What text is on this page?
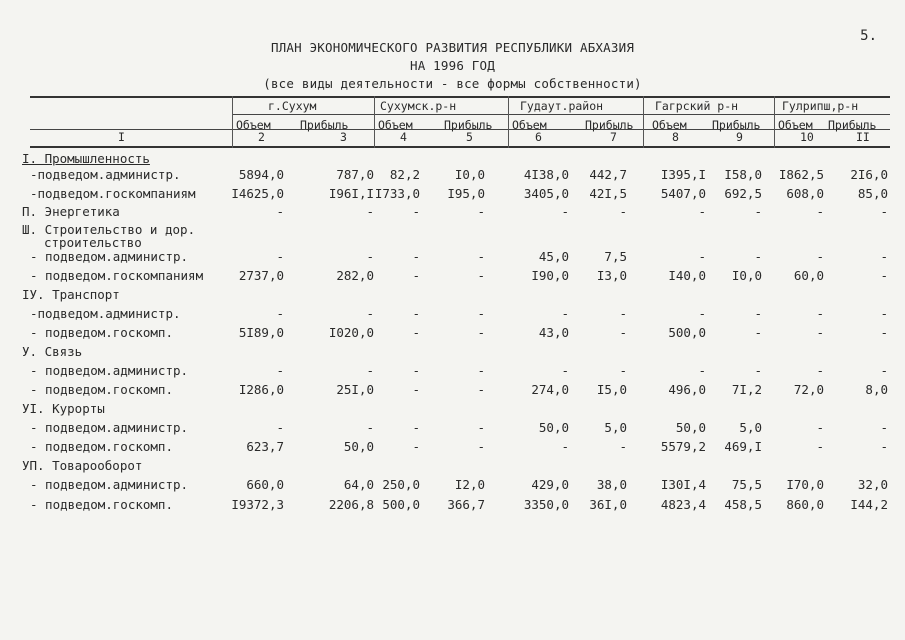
5.
ПЛАН ЭКОНОМИЧЕСКОГО РАЗВИТИЯ РЕСПУБЛИКИ АБХАЗИЯ
НА 1996 ГОД
(все виды деятельности - все формы собственности)
г.Сухум	Сухумск.р-н	Гудаут.район	Гагрский р-н	Гулрипш,р-н
Объем	Прибыль	Объем	Прибыль Объем	Прибыль Объем Прибыль Объем Прибыль
I	2	3	4	5	6	7	8	9	10	II
I. Промышленность
-подведом.администр.	5894,0	787,0 82,2	I0,0	4I38,0 442,7	I395,I I58,0 I862,5 2I6,0
-подведом.госкомпаниям	I4625,0	I96I,I I733,0 I95,0	3405,0 42I,5	5407,0 692,5 608,0	85,0
П. Энергетика	-	-	-	-	-	-	-	-	-	-
Ш. Строительство и дор.
строительство
- подведом.администр.	-	-	-	-	45,0	7,5	-	-	-	-
- подведом.госкомпаниям	2737,0	282,0	-	-	I90,0 I3,0	I40,0 I0,0	60,0	-
IУ. Транспорт
-подведом.администр.	-	-	-	-	-	-	-	-	-	-
- подведом.госкомп.	5I89,0	I020,0	-	-	43,0	-	500,0	-	-	-
У. Связь
- подведом.администр.	-	-	-	-	-	-	-	-	-	-
- подведом.госкомп.	I286,0	25I,0	-	-	274,0 I5,0	496,0 7I,2	72,0	8,0
УI. Курорты
- подведом.администр.	-	-	-	-	50,0	5,0	50,0	5,0	-	-
- подведом.госкомп.	623,7	50,0	-	-	-	-	5579,2 469,I	-	-
УП. Товарооборот
- подведом.администр.	660,0	64,0 250,0	I2,0	429,0 38,0	I30I,4 75,5 I70,0	32,0
- подведом.госкомп.	I9372,3	2206,8 500,0 366,7	3350,0 36I,0	4823,4 458,5 860,0 I44,2
